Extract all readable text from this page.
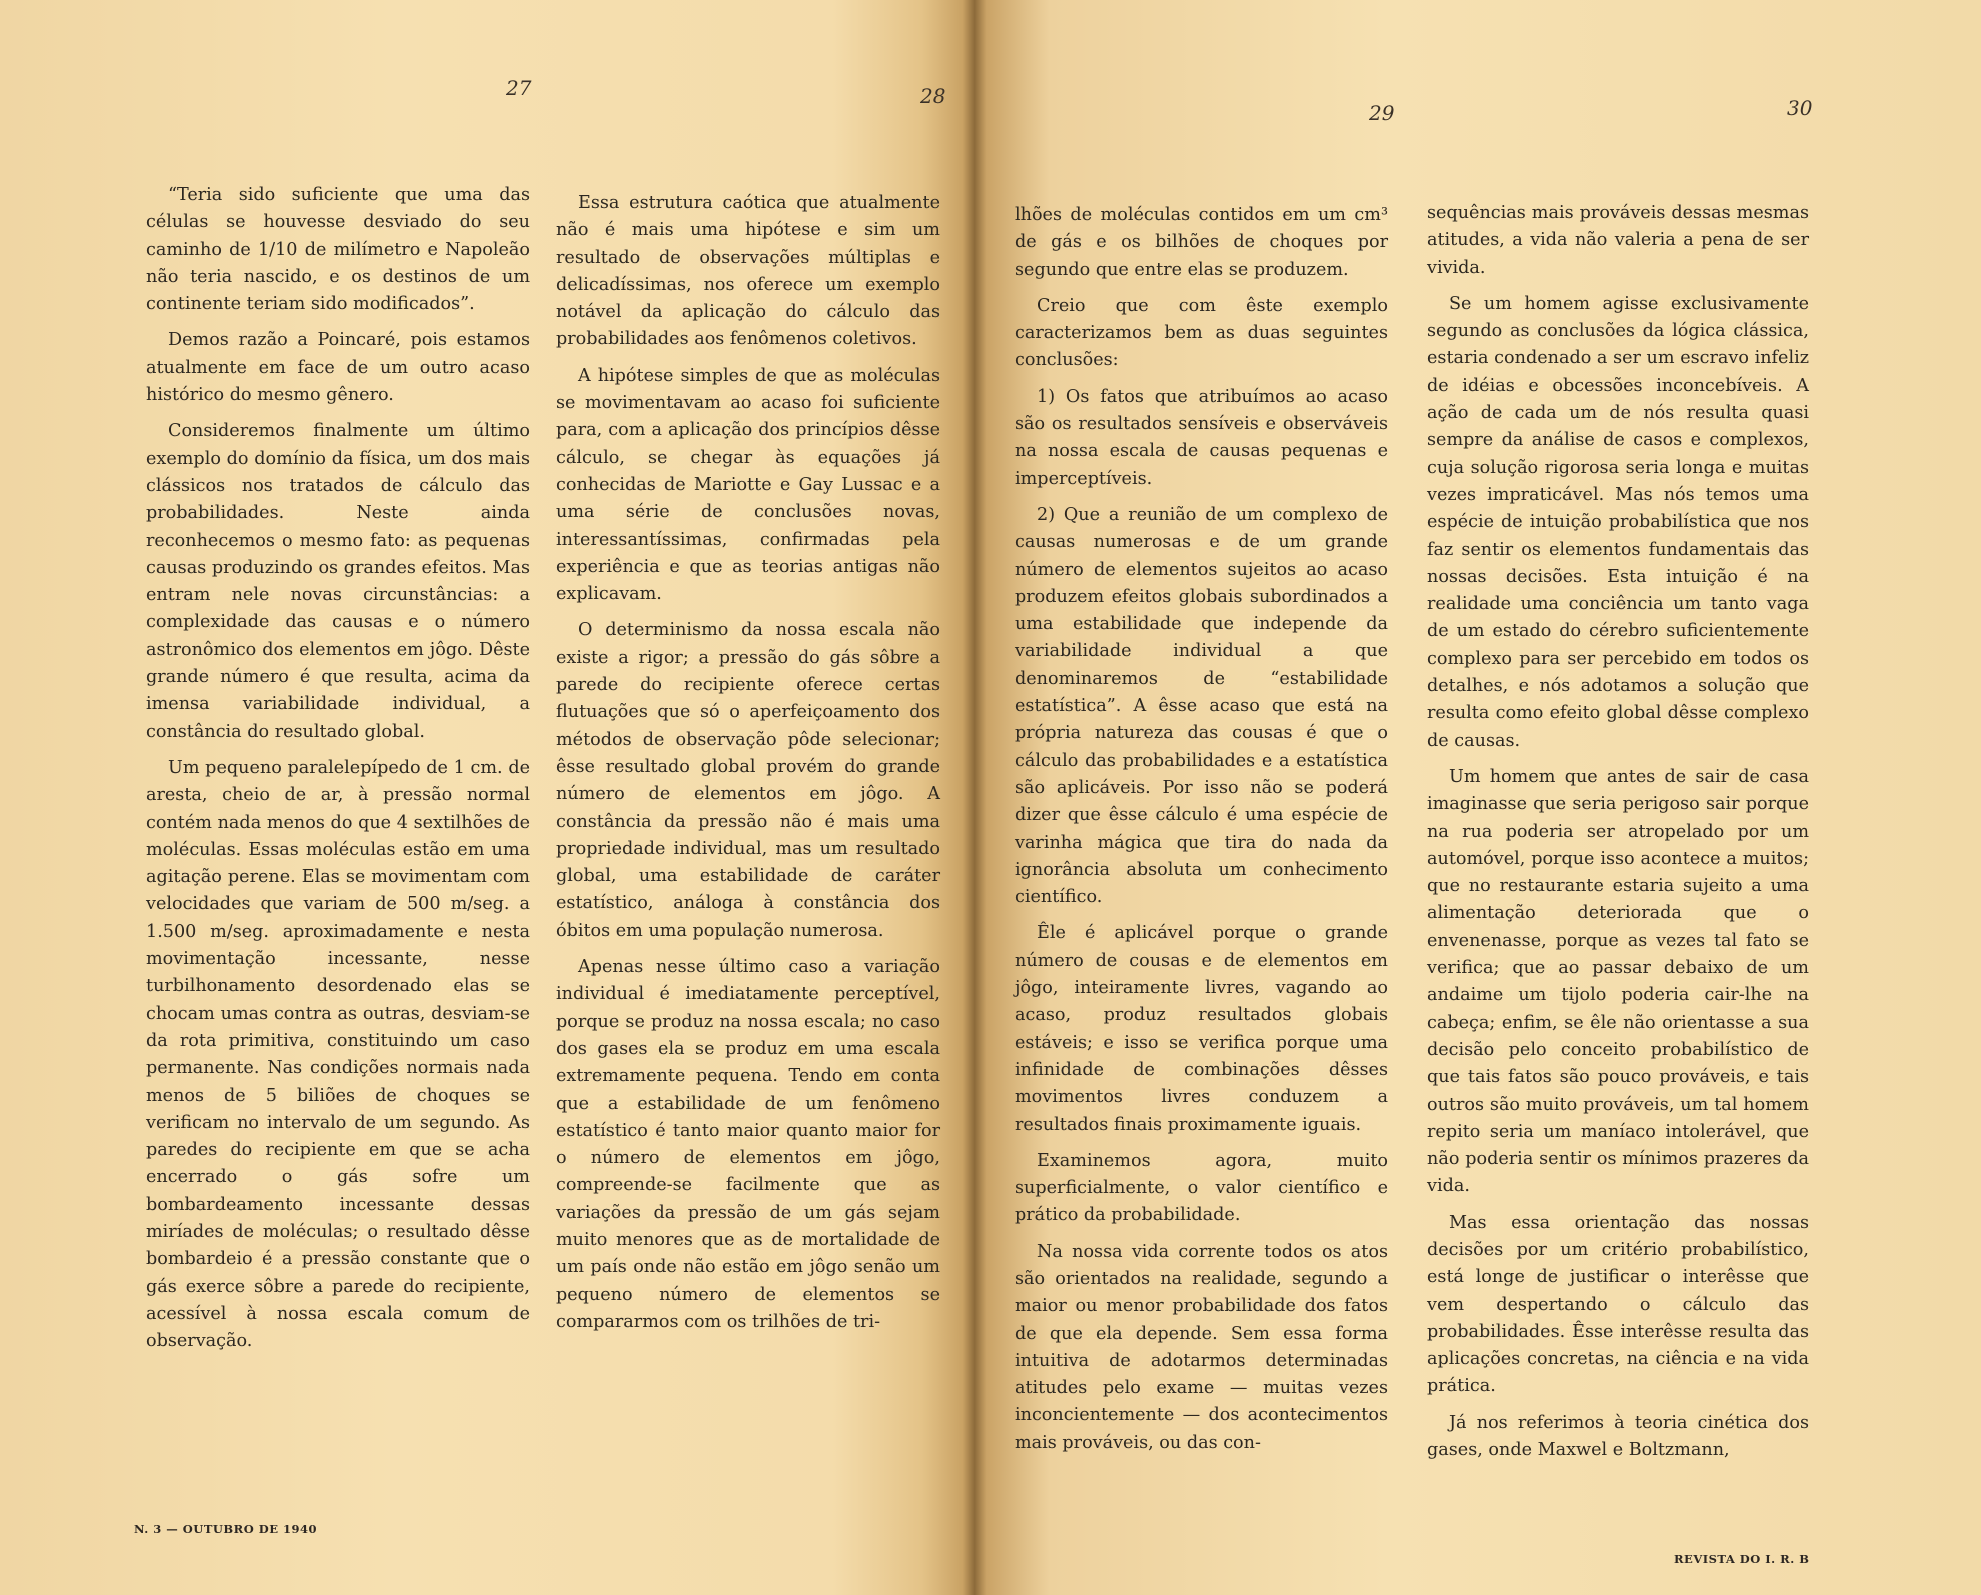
27	28

“Teria sido suficiente que uma das células se houvesse desviado do seu caminho de 1/10 de milímetro e Napoleão não teria nascido, e os destinos de um continente teriam sido modificados”.

Demos razão a Poincaré, pois estamos atualmente em face de um outro acaso histórico do mesmo gênero.

Consideremos finalmente um último exemplo do domínio da física, um dos mais clássicos nos tratados de cálculo das probabilidades. Neste ainda reconhecemos o mesmo fato: as pequenas causas produzindo os grandes efeitos. Mas entram nele novas circunstâncias: a complexidade das causas e o número astronômico dos elementos em jôgo. Dêste grande número é que resulta, acima da imensa variabilidade individual, a constância do resultado global.

Um pequeno paralelepípedo de 1 cm. de aresta, cheio de ar, à pressão normal contém nada menos do que 4 sextilhões de moléculas. Essas moléculas estão em uma agitação perene. Elas se movimentam com velocidades que variam de 500 m/seg. a 1.500 m/seg. aproximadamente e nesta movimentação incessante, nesse turbilhonamento desordenado elas se chocam umas contra as outras, desviam-se da rota primitiva, constituindo um caso permanente. Nas condições normais nada menos de 5 biliões de choques se verificam no intervalo de um segundo. As paredes do recipiente em que se acha encerrado o gás sofre um bombardeamento incessante dessas miríades de moléculas; o resultado dêsse bombardeio é a pressão constante que o gás exerce sôbre a parede do recipiente, acessível à nossa escala comum de observação.

Essa estrutura caótica que atualmente não é mais uma hipótese e sim um resultado de observações múltiplas e delicadíssimas, nos oferece um exemplo notável da aplicação do cálculo das probabilidades aos fenômenos coletivos.

A hipótese simples de que as moléculas se movimentavam ao acaso foi suficiente para, com a aplicação dos princípios dêsse cálculo, se chegar às equações já conhecidas de Mariotte e Gay Lussac e a uma série de conclusões novas, interessantíssimas, confirmadas pela experiência e que as teorias antigas não explicavam.

O determinismo da nossa escala não existe a rigor; a pressão do gás sôbre a parede do recipiente oferece certas flutuações que só o aperfeiçoamento dos métodos de observação pôde selecionar; êsse resultado global provém do grande número de elementos em jôgo. A constância da pressão não é mais uma propriedade individual, mas um resultado global, uma estabilidade de caráter estatístico, análoga à constância dos óbitos em uma população numerosa.

Apenas nesse último caso a variação individual é imediatamente perceptível, porque se produz na nossa escala; no caso dos gases ela se produz em uma escala extremamente pequena. Tendo em conta que a estabilidade de um fenômeno estatístico é tanto maior quanto maior for o número de elementos em jôgo, compreende-se facilmente que as variações da pressão de um gás sejam muito menores que as de mortalidade de um país onde não estão em jôgo senão um pequeno número de elementos se compararmos com os trilhões de tri-

N. 3 — OUTUBRO DE 1940
29	30

lhões de moléculas contidos em um cm³ de gás e os bilhões de choques por segundo que entre elas se produzem.

Creio que com êste exemplo caracterizamos bem as duas seguintes conclusões:

1) Os fatos que atribuímos ao acaso são os resultados sensíveis e observáveis na nossa escala de causas pequenas e imperceptíveis.

2) Que a reunião de um complexo de causas numerosas e de um grande número de elementos sujeitos ao acaso produzem efeitos globais subordinados a uma estabilidade que independe da variabilidade individual a que denominaremos de “estabilidade estatística”. A êsse acaso que está na própria natureza das cousas é que o cálculo das probabilidades e a estatística são aplicáveis. Por isso não se poderá dizer que êsse cálculo é uma espécie de varinha mágica que tira do nada da ignorância absoluta um conhecimento científico.

Êle é aplicável porque o grande número de cousas e de elementos em jôgo, inteiramente livres, vagando ao acaso, produz resultados globais estáveis; e isso se verifica porque uma infinidade de combinações dêsses movimentos livres conduzem a resultados finais proximamente iguais.

Examinemos agora, muito superficialmente, o valor científico e prático da probabilidade.

Na nossa vida corrente todos os atos são orientados na realidade, segundo a maior ou menor probabilidade dos fatos de que ela depende. Sem essa forma intuitiva de adotarmos determinadas atitudes pelo exame — muitas vezes inconcientemente — dos acontecimentos mais prováveis, ou das con-

sequências mais prováveis dessas mesmas atitudes, a vida não valeria a pena de ser vivida.

Se um homem agisse exclusivamente segundo as conclusões da lógica clássica, estaria condenado a ser um escravo infeliz de idéias e obcessões inconcebíveis. A ação de cada um de nós resulta quasi sempre da análise de casos e complexos, cuja solução rigorosa seria longa e muitas vezes impraticável. Mas nós temos uma espécie de intuição probabilística que nos faz sentir os elementos fundamentais das nossas decisões. Esta intuição é na realidade uma conciência um tanto vaga de um estado do cérebro suficientemente complexo para ser percebido em todos os detalhes, e nós adotamos a solução que resulta como efeito global dêsse complexo de causas.

Um homem que antes de sair de casa imaginasse que seria perigoso sair porque na rua poderia ser atropelado por um automóvel, porque isso acontece a muitos; que no restaurante estaria sujeito a uma alimentação deteriorada que o envenenasse, porque as vezes tal fato se verifica; que ao passar debaixo de um andaime um tijolo poderia cair-lhe na cabeça; enfim, se êle não orientasse a sua decisão pelo conceito probabilístico de que tais fatos são pouco prováveis, e tais outros são muito prováveis, um tal homem repito seria um maníaco intolerável, que não poderia sentir os mínimos prazeres da vida.

Mas essa orientação das nossas decisões por um critério probabilístico, está longe de justificar o interêsse que vem despertando o cálculo das probabilidades. Êsse interêsse resulta das aplicações concretas, na ciência e na vida prática.

Já nos referimos à teoria cinética dos gases, onde Maxwel e Boltzmann,

REVISTA DO I. R. B
